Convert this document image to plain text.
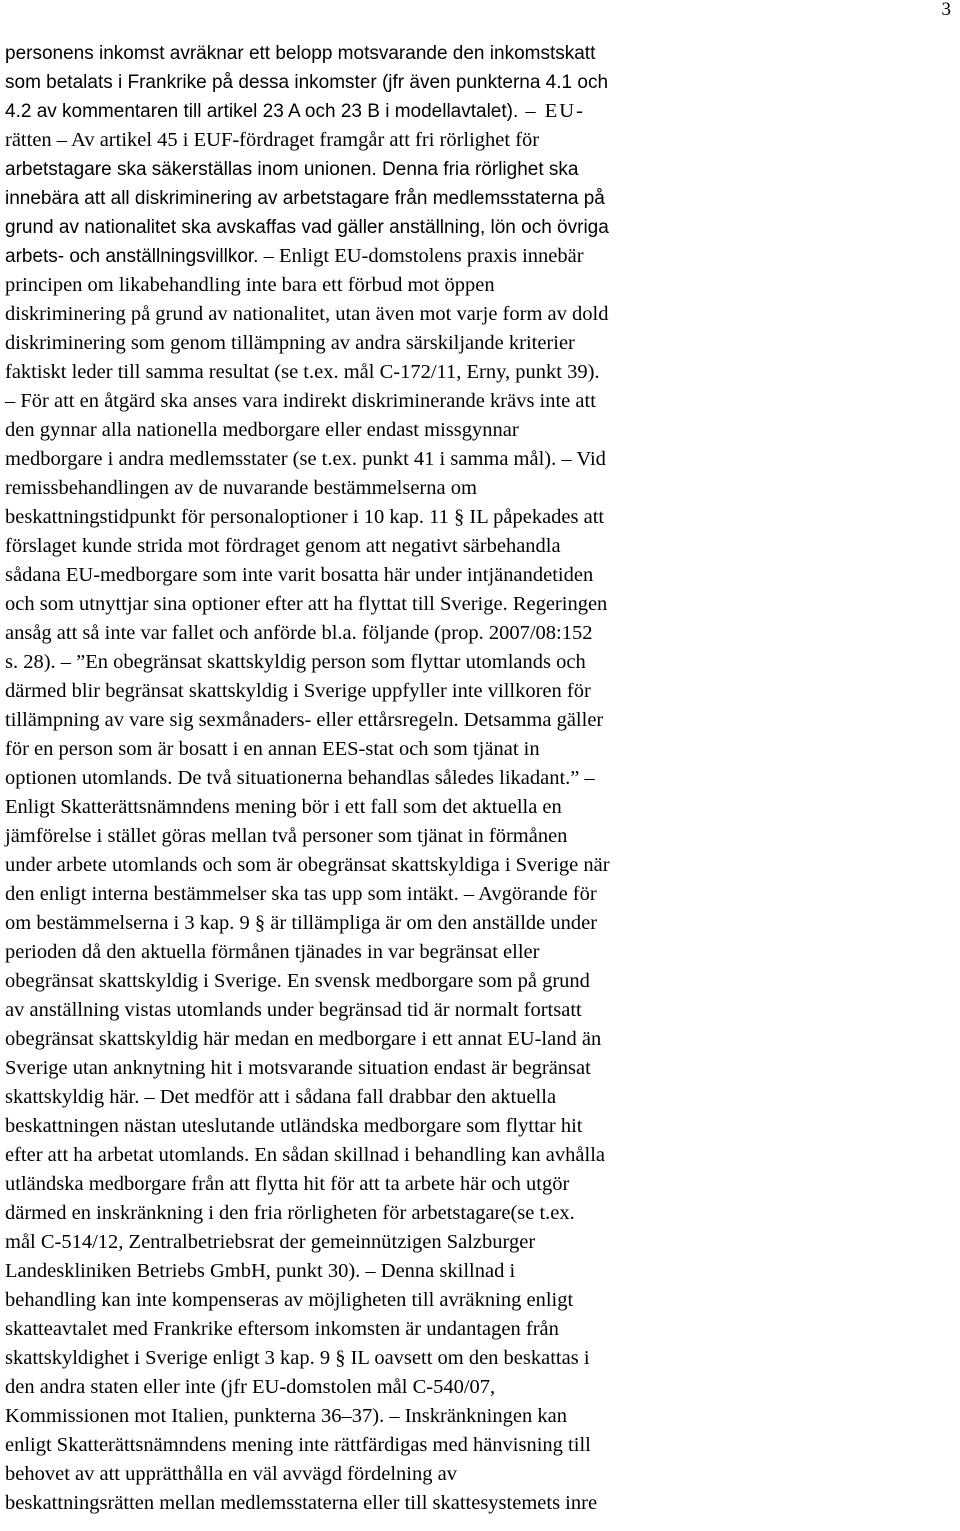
3
personens inkomst avräknar ett belopp motsvarande den inkomstskatt
som betalats i Frankrike på dessa inkomster (jfr även punkterna 4.1 och
4.2 av kommentaren till artikel 23 A och 23 B i modellavtalet). – EU-
rätten – Av artikel 45 i EUF-fördraget framgår att fri rörlighet för
arbetstagare ska säkerställas inom unionen. Denna fria rörlighet ska
innebära att all diskriminering av arbetstagare från medlemsstaterna på
grund av nationalitet ska avskaffas vad gäller anställning, lön och övriga
arbets- och anställningsvillkor. – Enligt EU-domstolens praxis innebär
principen om likabehandling inte bara ett förbud mot öppen
diskriminering på grund av nationalitet, utan även mot varje form av dold
diskriminering som genom tillämpning av andra särskiljande kriterier
faktiskt leder till samma resultat (se t.ex. mål C-172/11, Erny, punkt 39).
– För att en åtgärd ska anses vara indirekt diskriminerande krävs inte att
den gynnar alla nationella medborgare eller endast missgynnar
medborgare i andra medlemsstater (se t.ex. punkt 41 i samma mål). – Vid
remissbehandlingen av de nuvarande bestämmelserna om
beskattningstidpunkt för personaloptioner i 10 kap. 11 § IL påpekades att
förslaget kunde strida mot fördraget genom att negativt särbehandla
sådana EU-medborgare som inte varit bosatta här under intjänandetiden
och som utnyttjar sina optioner efter att ha flyttat till Sverige. Regeringen
ansåg att så inte var fallet och anförde bl.a. följande (prop. 2007/08:152
s. 28). – ”En obegränsat skattskyldig person som flyttar utomlands och
därmed blir begränsat skattskyldig i Sverige uppfyller inte villkoren för
tillämpning av vare sig sexmånaders- eller ettårsregeln. Detsamma gäller
för en person som är bosatt i en annan EES-stat och som tjänat in
optionen utomlands. De två situationerna behandlas således likadant.” –
Enligt Skatterättsnämndens mening bör i ett fall som det aktuella en
jämförelse i stället göras mellan två personer som tjänat in förmånen
under arbete utomlands och som är obegränsat skattskyldiga i Sverige när
den enligt interna bestämmelser ska tas upp som intäkt. – Avgörande för
om bestämmelserna i 3 kap. 9 § är tillämpliga är om den anställde under
perioden då den aktuella förmånen tjänades in var begränsat eller
obegränsat skattskyldig i Sverige. En svensk medborgare som på grund
av anställning vistas utomlands under begränsad tid är normalt fortsatt
obegränsat skattskyldig här medan en medborgare i ett annat EU-land än
Sverige utan anknytning hit i motsvarande situation endast är begränsat
skattskyldig här. – Det medför att i sådana fall drabbar den aktuella
beskattningen nästan uteslutande utländska medborgare som flyttar hit
efter att ha arbetat utomlands. En sådan skillnad i behandling kan avhålla
utländska medborgare från att flytta hit för att ta arbete här och utgör
därmed en inskränkning i den fria rörligheten för arbetstagare(se t.ex.
mål C-514/12, Zentralbetriebsrat der gemeinnützigen Salzburger
Landeskliniken Betriebs GmbH, punkt 30). – Denna skillnad i
behandling kan inte kompenseras av möjligheten till avräkning enligt
skatteavtalet med Frankrike eftersom inkomsten är undantagen från
skattskyldighet i Sverige enligt 3 kap. 9 § IL oavsett om den beskattas i
den andra staten eller inte (jfr EU-domstolen mål C-540/07,
Kommissionen mot Italien, punkterna 36–37). – Inskränkningen kan
enligt Skatterättsnämndens mening inte rättfärdigas med hänvisning till
behovet av att upprätthålla en väl avvägd fördelning av
beskattningsrätten mellan medlemsstaterna eller till skattesystemets inre
